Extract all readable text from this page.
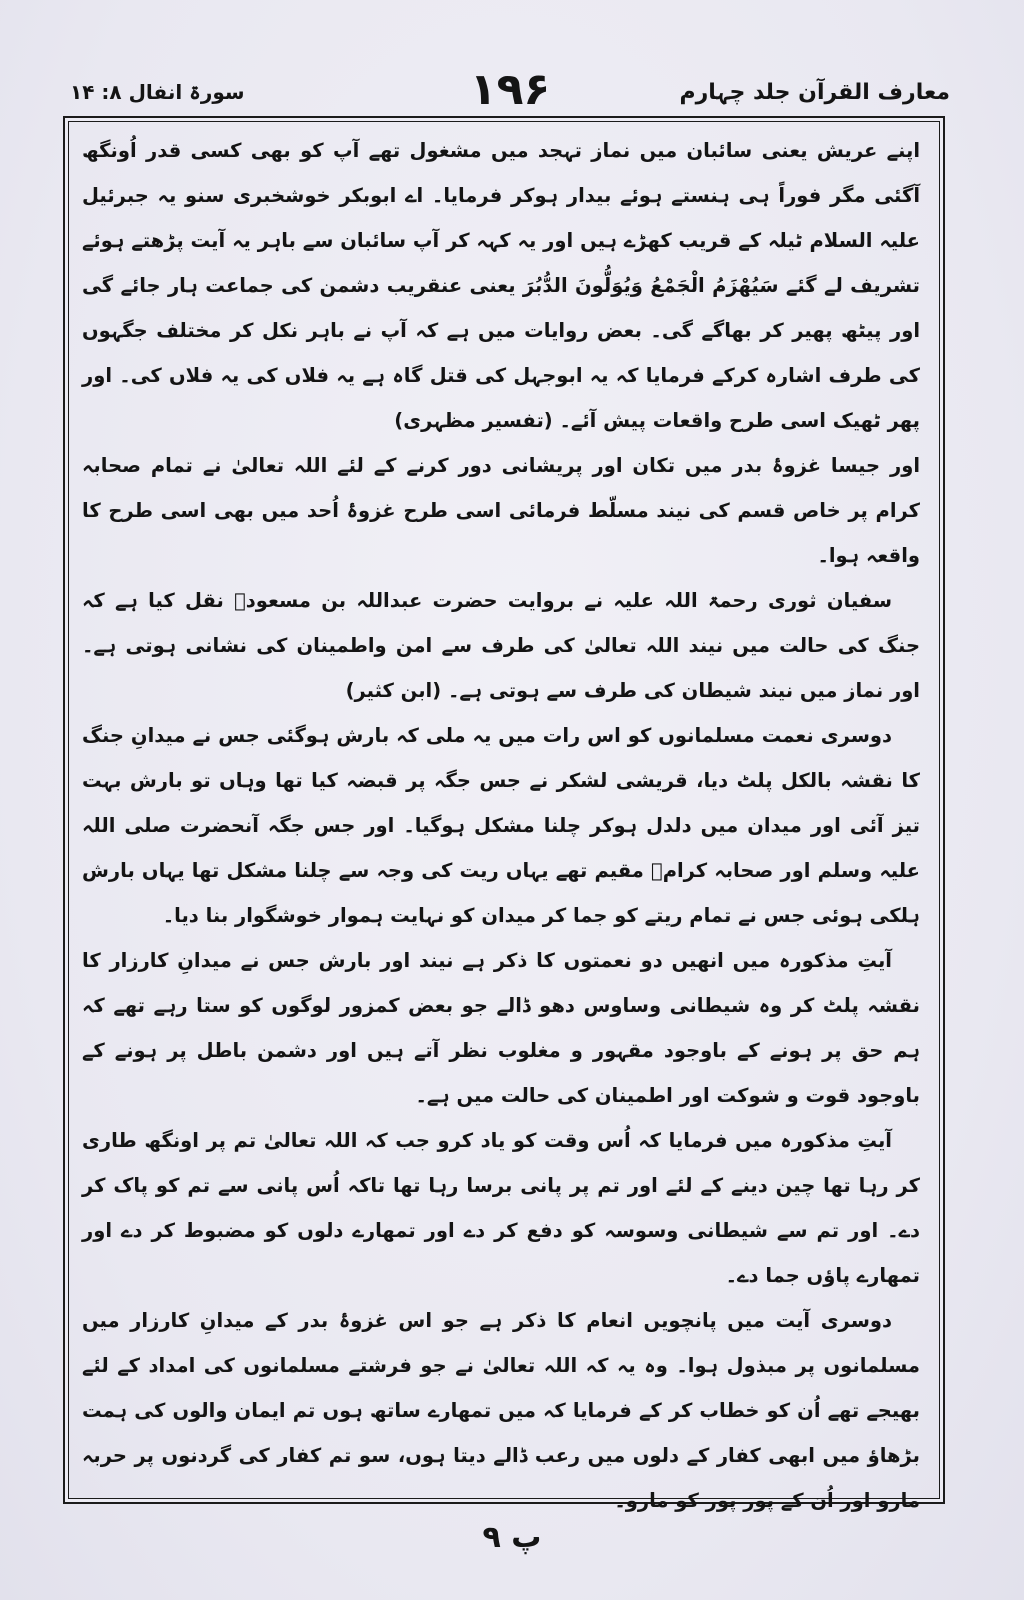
معارف القرآن جلد چہارم
۱۹۶
سورۃ انفال ۸: ۱۴

اپنے عریش یعنی سائبان میں نماز تہجد میں مشغول تھے آپ کو بھی کسی قدر اُونگھ آگئی مگر فوراً ہی ہنستے ہوئے بیدار ہوکر فرمایا۔ اے ابوبکر خوشخبری سنو یہ جبرئیل علیہ السلام ٹیلہ کے قریب کھڑے ہیں اور یہ کہہ کر آپ سائبان سے باہر یہ آیت پڑھتے ہوئے تشریف لے گئے سَيُهْزَمُ الْجَمْعُ وَيُوَلُّونَ الدُّبُرَ یعنی عنقریب دشمن کی جماعت ہار جائے گی اور پیٹھ پھیر کر بھاگے گی۔ بعض روایات میں ہے کہ آپ نے باہر نکل کر مختلف جگہوں کی طرف اشارہ کرکے فرمایا کہ یہ ابوجہل کی قتل گاہ ہے یہ فلاں کی یہ فلاں کی۔ اور پھر ٹھیک اسی طرح واقعات پیش آئے۔ (تفسیر مظہری)

اور جیسا غزوۂ بدر میں تکان اور پریشانی دور کرنے کے لئے اللہ تعالیٰ نے تمام صحابہ کرام پر خاص قسم کی نیند مسلّط فرمائی اسی طرح غزوۂ اُحد میں بھی اسی طرح کا واقعہ ہوا۔

سفیان ثوری رحمۃ اللہ علیہ نے بروایت حضرت عبداللہ بن مسعودؓ نقل کیا ہے کہ جنگ کی حالت میں نیند اللہ تعالیٰ کی طرف سے امن واطمینان کی نشانی ہوتی ہے۔ اور نماز میں نیند شیطان کی طرف سے ہوتی ہے۔ (ابن کثیر)

دوسری نعمت مسلمانوں کو اس رات میں یہ ملی کہ بارش ہوگئی جس نے میدانِ جنگ کا نقشہ بالکل پلٹ دیا، قریشی لشکر نے جس جگہ پر قبضہ کیا تھا وہاں تو بارش بہت تیز آئی اور میدان میں دلدل ہوکر چلنا مشکل ہوگیا۔ اور جس جگہ آنحضرت صلی اللہ علیہ وسلم اور صحابہ کرامؓ مقیم تھے یہاں ریت کی وجہ سے چلنا مشکل تھا یہاں بارش ہلکی ہوئی جس نے تمام ریتے کو جما کر میدان کو نہایت ہموار خوشگوار بنا دیا۔

آیتِ مذکورہ میں انھیں دو نعمتوں کا ذکر ہے نیند اور بارش جس نے میدانِ کارزار کا نقشہ پلٹ کر وہ شیطانی وساوس دھو ڈالے جو بعض کمزور لوگوں کو ستا رہے تھے کہ ہم حق پر ہونے کے باوجود مقہور و مغلوب نظر آتے ہیں اور دشمن باطل پر ہونے کے باوجود قوت و شوکت اور اطمینان کی حالت میں ہے۔

آیتِ مذکورہ میں فرمایا کہ اُس وقت کو یاد کرو جب کہ اللہ تعالیٰ تم پر اونگھ طاری کر رہا تھا چین دینے کے لئے اور تم پر پانی برسا رہا تھا تاکہ اُس پانی سے تم کو پاک کر دے۔ اور تم سے شیطانی وسوسہ کو دفع کر دے اور تمھارے دلوں کو مضبوط کر دے اور تمھارے پاؤں جما دے۔

دوسری آیت میں پانچویں انعام کا ذکر ہے جو اس غزوۂ بدر کے میدانِ کارزار میں مسلمانوں پر مبذول ہوا۔ وہ یہ کہ اللہ تعالیٰ نے جو فرشتے مسلمانوں کی امداد کے لئے بھیجے تھے اُن کو خطاب کر کے فرمایا کہ میں تمھارے ساتھ ہوں تم ایمان والوں کی ہمت بڑھاؤ میں ابھی کفار کے دلوں میں رعب ڈالے دیتا ہوں، سو تم کفار کی گردنوں پر حربہ مارو اور اُن کے پور پور کو مارو۔

پ ۹
